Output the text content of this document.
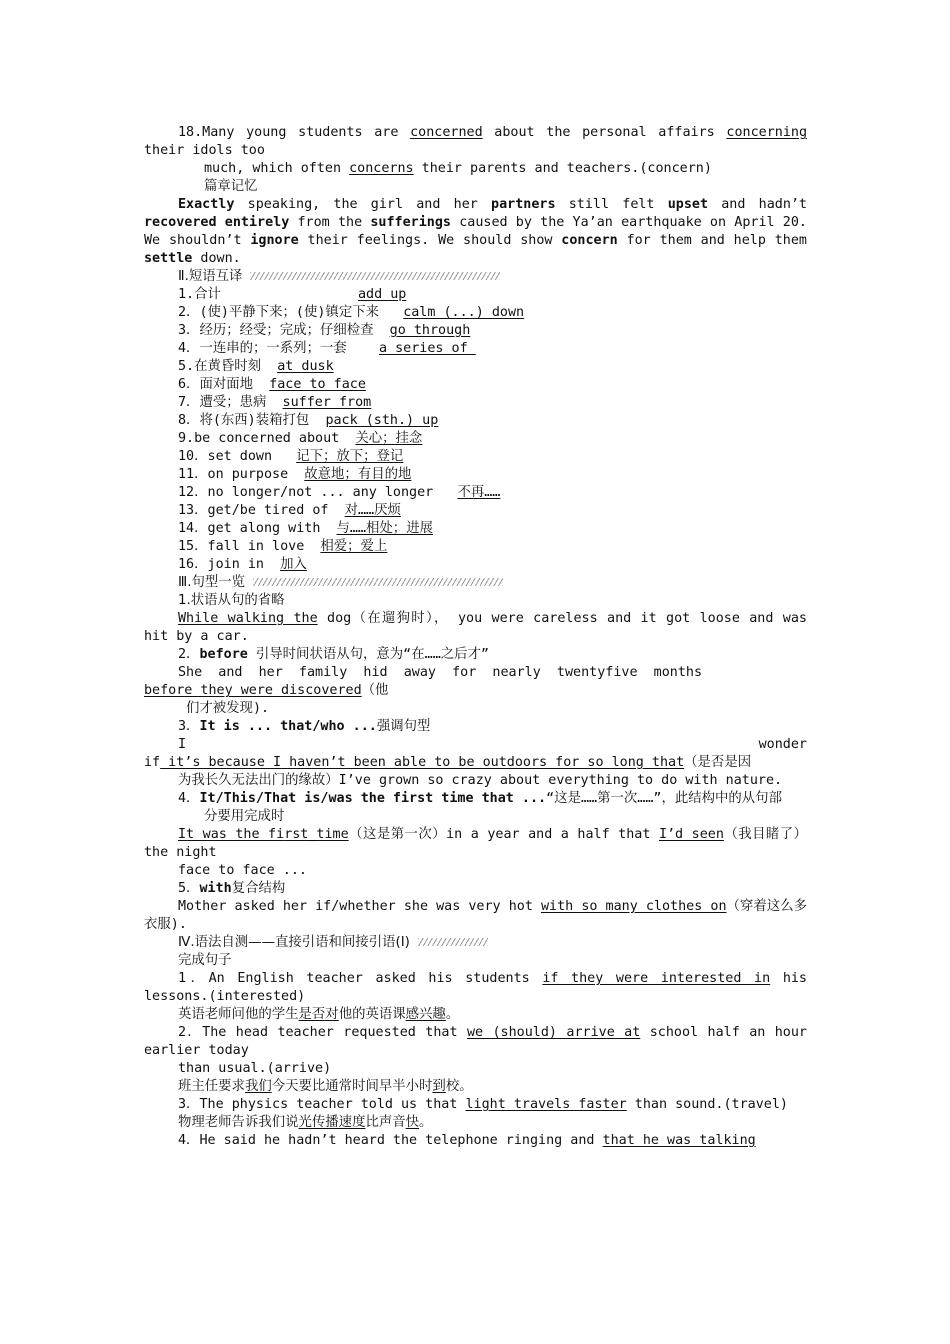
18.Many young students are concerned about the personal affairs concerning their idols too

much, which often concerns their parents and teachers.(concern)

篇章记忆

Exactly speaking, the girl and her partners still felt upset and hadn’t recovered entirely from the sufferings caused by the Ya’an earthquake on April 20. We shouldn’t ignore their feelings. We should show concern for them and help them settle down.

Ⅱ.短语互译

1.合计                 add up

2．(使)平静下来；(使)镇定下来   calm (...) down

3．经历；经受；完成；仔细检查  go through

4．一连串的；一系列；一套    a series of

5.在黄昏时刻  at dusk

6．面对面地  face to face

7．遭受；患病  suffer from

8．将(东西)装箱打包  pack (sth.) up

9.be concerned about  关心；挂念

10．set down   记下；放下；登记

11．on purpose  故意地；有目的地

12．no longer/not ... any longer   不再……

13．get/be tired of  对……厌烦

14．get along with  与……相处；进展

15．fall in love  相爱；爱上

16．join in  加入

Ⅲ.句型一览

1.状语从句的省略

While walking the dog（在遛狗时）， you were careless and it got loose and was hit by a car.

2．before 引导时间状语从句，意为“在……之后才”

She  and  her  family  hid  away  for  nearly  twentyfive  months

before they were discovered（他

们才被发现).

3．It is ... that/who ...强调句型

I	wonder

if it’s because I haven’t been able to be outdoors for so long that（是否是因

为我长久无法出门的缘故）I’ve grown so crazy about everything to do with nature.

4．It/This/That is/was the first time that ...“这是……第一次……”，此结构中的从句部

分要用完成时

It was the first_time（这是第一次）in a year and a half that I’d seen（我目睹了）the night

face to face ...

5．with复合结构

Mother asked her if/whether she was very hot with so many clothes on（穿着这么多衣服).

Ⅳ.语法自测——直接引语和间接引语(Ⅰ)

完成句子

1．An English teacher asked his students if they were interested in his lessons.(interested)

英语老师问他的学生是否对他的英语课感兴趣。

2．The head teacher requested that we (should) arrive at school half an hour earlier today

than usual.(arrive)

班主任要求我们今天要比通常时间早半小时到校。

3．The physics teacher told us that light travels faster than sound.(travel)

物理老师告诉我们说光传播速度比声音快。

4．He said he hadn’t heard the telephone ringing and that he was talking
